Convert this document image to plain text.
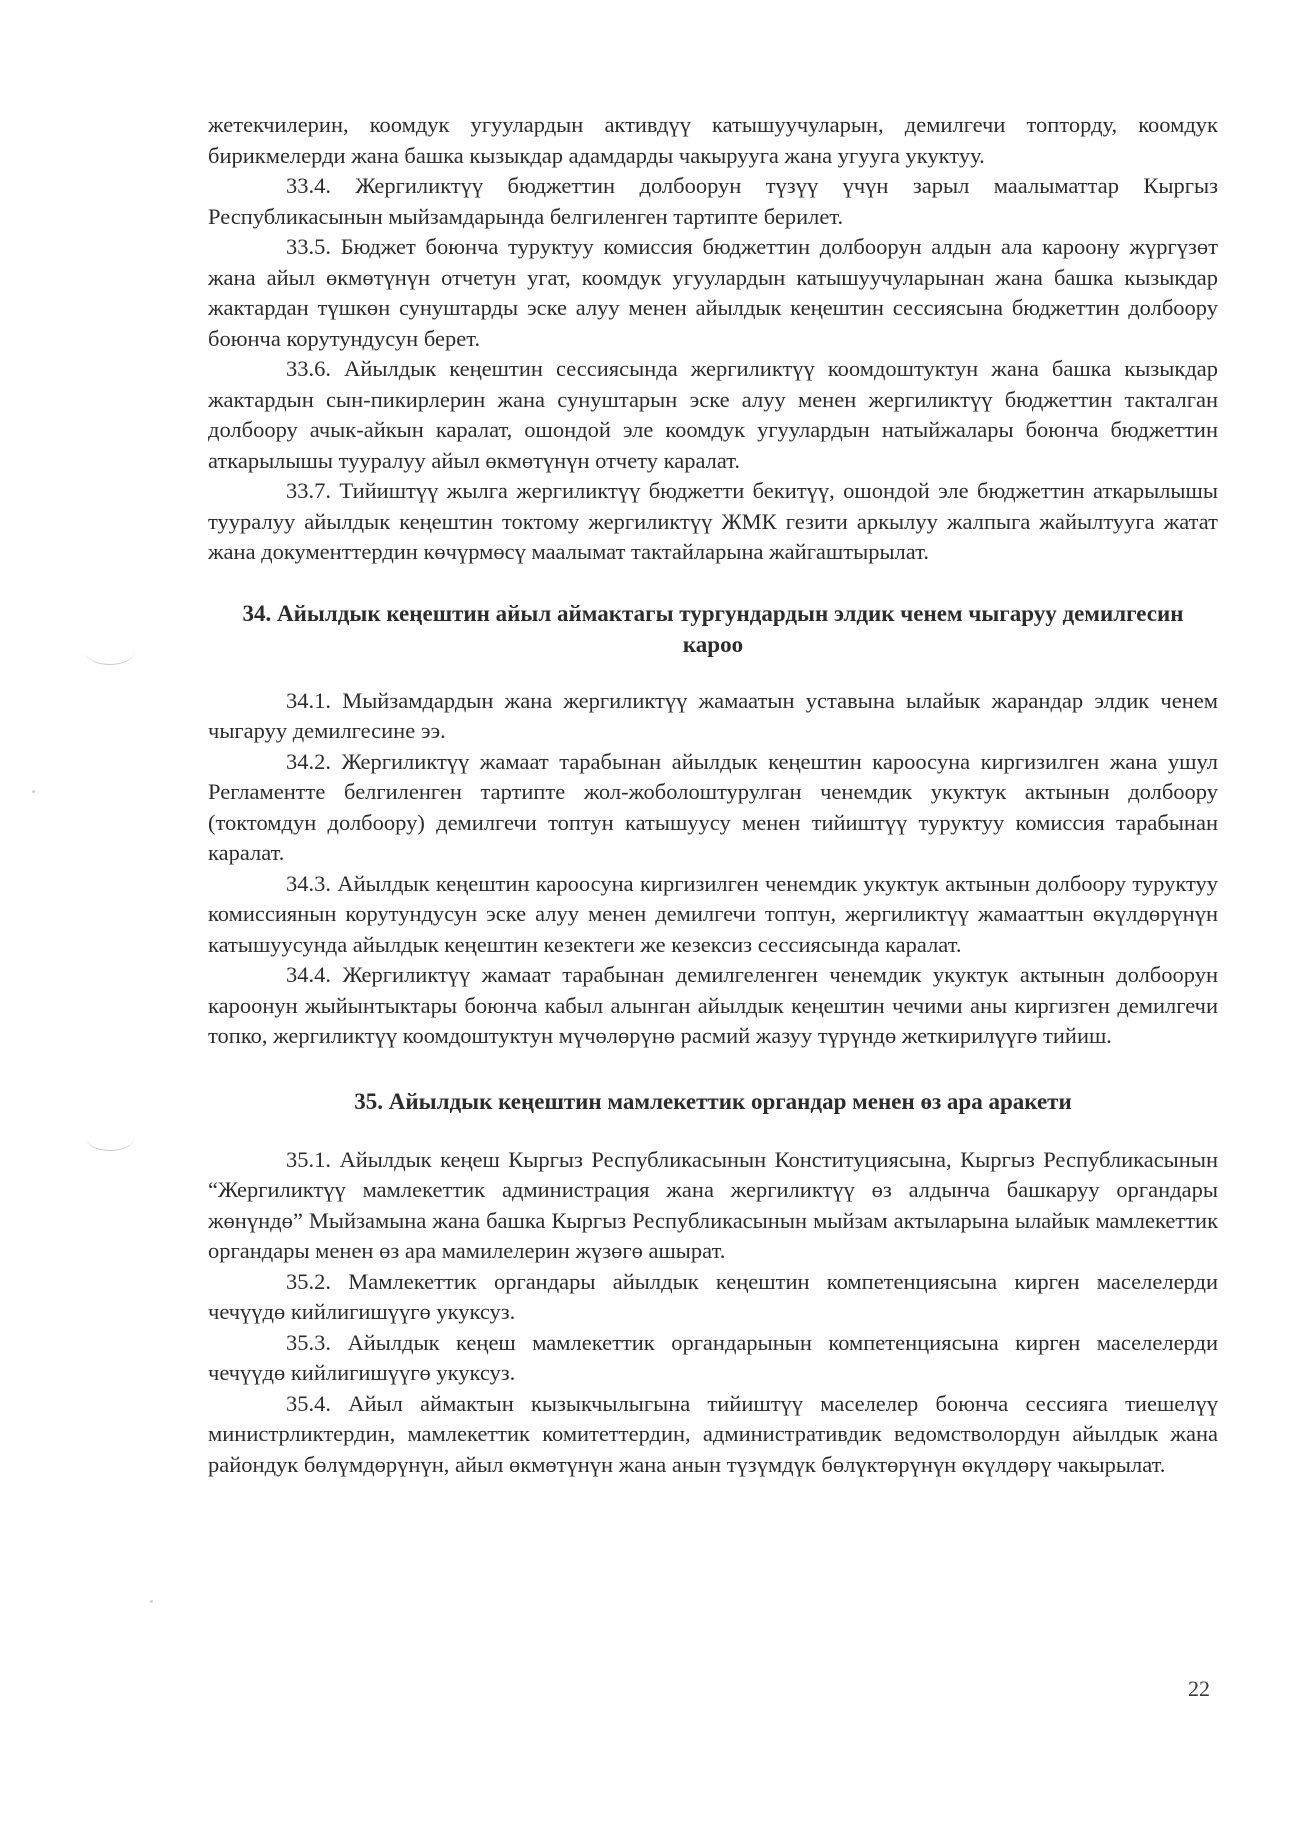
жетекчилерин, коомдук угуулардын активдүү катышуучуларын, демилгечи топторду, коомдук бирикмелерди жана башка кызыкдар адамдарды чакырууга жана угууга укуктуу.

33.4. Жергиликтүү бюджеттин долбоорун түзүү үчүн зарыл маалыматтар Кыргыз Республикасынын мыйзамдарында белгиленген тартипте берилет.

33.5. Бюджет боюнча туруктуу комиссия бюджеттин долбоорун алдын ала кароону жүргүзөт жана айыл өкмөтүнүн отчетун угат, коомдук угуулардын катышуучуларынан жана башка кызыкдар жактардан түшкөн сунуштарды эске алуу менен айылдык кеңештин сессиясына бюджеттин долбоору боюнча корутундусун берет.

33.6. Айылдык кеңештин сессиясында жергиликтүү коомдоштуктун жана башка кызыкдар жактардын сын-пикирлерин жана сунуштарын эске алуу менен жергиликтүү бюджеттин такталган долбоору ачык-айкын каралат, ошондой эле коомдук угуулардын натыйжалары боюнча бюджеттин аткарылышы тууралуу айыл өкмөтүнүн отчету каралат.

33.7. Тийиштүү жылга жергиликтүү бюджетти бекитүү, ошондой эле бюджеттин аткарылышы тууралуу айылдык кеңештин токтому жергиликтүү ЖМК гезити аркылуу жалпыга жайылтууга жатат жана документтердин көчүрмөсү маалымат тактайларына жайгаштырылат.

34. Айылдык кеңештин айыл аймактагы тургундардын элдик ченем чыгаруу демилгесин кароо

34.1. Мыйзамдардын жана жергиликтүү жамаатын уставына ылайык жарандар элдик ченем чыгаруу демилгесине ээ.

34.2. Жергиликтүү жамаат тарабынан айылдык кеңештин кароосуна киргизилген жана ушул Регламентте белгиленген тартипте жол-жоболоштурулган ченемдик укуктук актынын долбоору (токтомдун долбоору) демилгечи топтун катышуусу менен тийиштүү туруктуу комиссия тарабынан каралат.

34.3. Айылдык кеңештин кароосуна киргизилген ченемдик укуктук актынын долбоору туруктуу комиссиянын корутундусун эске алуу менен демилгечи топтун, жергиликтүү жамааттын өкүлдөрүнүн катышуусунда айылдык кеңештин кезектеги же кезексиз сессиясында каралат.

34.4. Жергиликтүү жамаат тарабынан демилгеленген ченемдик укуктук актынын долбоорун кароонун жыйынтыктары боюнча кабыл алынган айылдык кеңештин чечими аны киргизген демилгечи топко, жергиликтүү коомдоштуктун мүчөлөрүнө расмий жазуу түрүндө жеткирилүүгө тийиш.

35. Айылдык кеңештин мамлекеттик органдар менен өз ара аракети

35.1. Айылдык кеңеш Кыргыз Республикасынын Конституциясына, Кыргыз Республикасынын “Жергиликтүү мамлекеттик администрация жана жергиликтүү өз алдынча башкаруу органдары жөнүндө” Мыйзамына жана башка Кыргыз Республикасынын мыйзам актыларына ылайык мамлекеттик органдары менен өз ара мамилелерин жүзөгө ашырат.

35.2. Мамлекеттик органдары айылдык кеңештин компетенциясына кирген маселелерди чечүүдө кийлигишүүгө укуксуз.

35.3. Айылдык кеңеш мамлекеттик органдарынын компетенциясына кирген маселелерди чечүүдө кийлигишүүгө укуксуз.

35.4. Айыл аймактын кызыкчылыгына тийиштүү маселелер боюнча сессияга тиешелүү министрликтердин, мамлекеттик комитеттердин, административдик ведомстволордун айылдык жана райондук бөлүмдөрүнүн, айыл өкмөтүнүн жана анын түзүмдүк бөлүктөрүнүн өкүлдөрү чакырылат.

22
